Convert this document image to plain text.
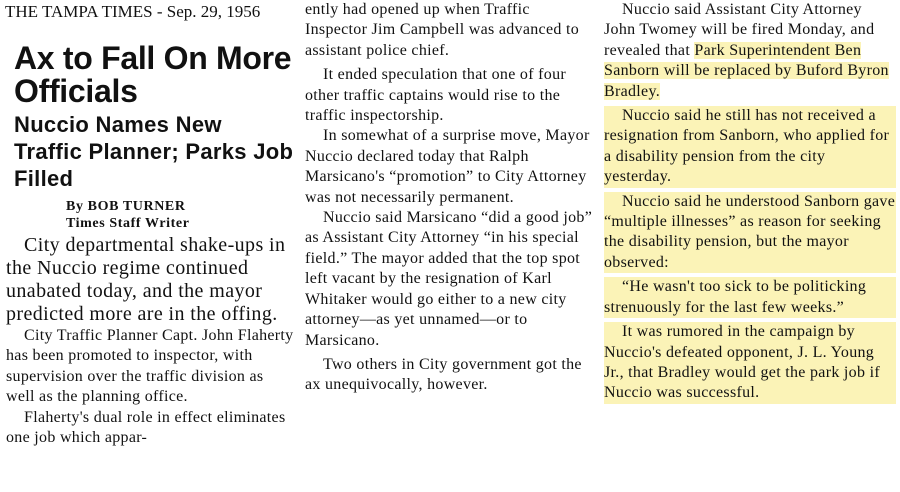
THE TAMPA TIMES - Sep. 29, 1956
Ax to Fall On More Officials
Nuccio Names New Traffic Planner; Parks Job Filled
By BOB TURNER
Times Staff Writer

City departmental shake-ups in the Nuccio regime continued unabated today, and the mayor predicted more are in the offing.

City Traffic Planner Capt. John Flaherty has been promoted to inspector, with supervision over the traffic division as well as the planning office.

Flaherty's dual role in effect eliminates one job which appar-

ently had opened up when Traffic Inspector Jim Campbell was advanced to assistant police chief.

It ended speculation that one of four other traffic captains would rise to the traffic inspectorship.

In somewhat of a surprise move, Mayor Nuccio declared today that Ralph Marsicano's “promotion” to City Attorney was not necessarily permanent.

Nuccio said Marsicano “did a good job” as Assistant City Attorney “in his special field.” The mayor added that the top spot left vacant by the resignation of Karl Whitaker would go either to a new city attorney—as yet unnamed—or to Marsicano.

Two others in City government got the ax unequivocally, however.

Nuccio said Assistant City Attorney John Twomey will be fired Monday, and revealed that Park Superintendent Ben Sanborn will be replaced by Buford Byron Bradley.

Nuccio said he still has not received a resignation from Sanborn, who applied for a disability pension from the city yesterday.

Nuccio said he understood Sanborn gave “multiple illnesses” as reason for seeking the disability pension, but the mayor observed:

“He wasn't too sick to be politicking strenuously for the last few weeks.”

It was rumored in the campaign by Nuccio's defeated opponent, J. L. Young Jr., that Bradley would get the park job if Nuccio was successful.
